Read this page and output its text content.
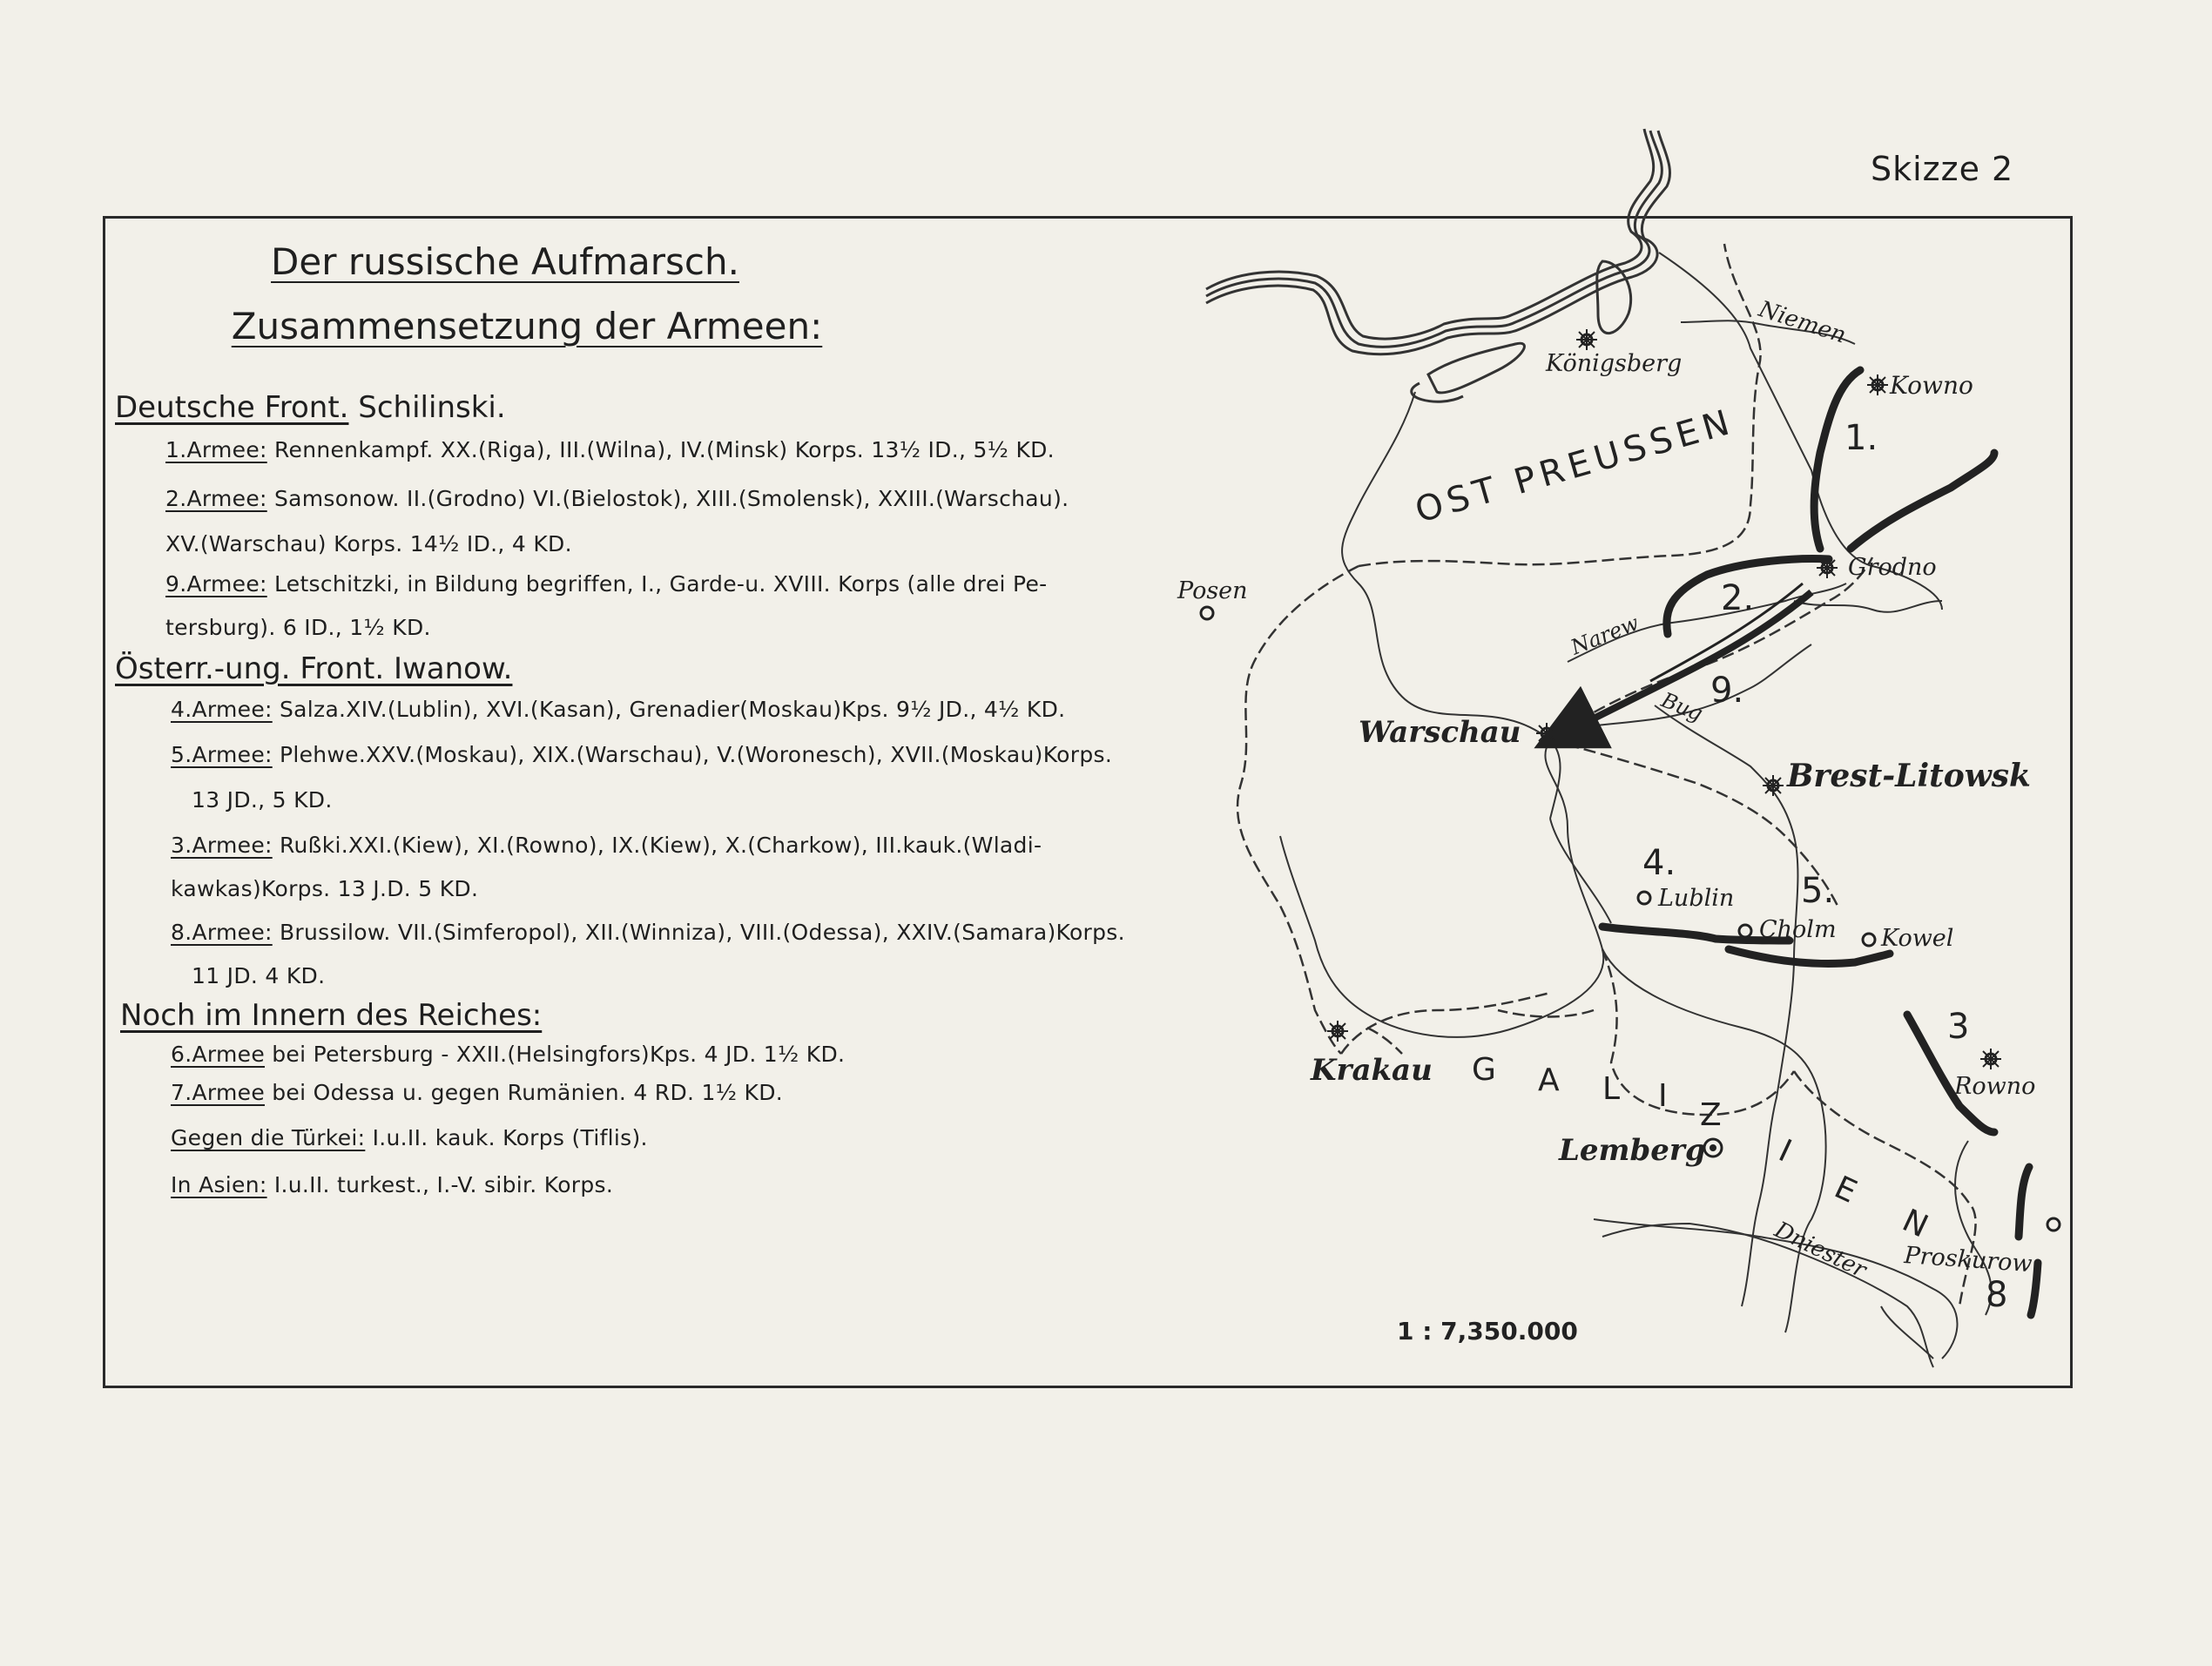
Skizze 2
Der russische Aufmarsch.
Zusammensetzung der Armeen:
Deutsche Front. Schilinski.
1.Armee: Rennenkampf. XX.(Riga), III.(Wilna), IV.(Minsk) Korps. 13½ ID., 5½ KD.
2.Armee: Samsonow. II.(Grodno) VI.(Bielostok), XIII.(Smolensk), XXIII.(Warschau).
XV.(Warschau) Korps. 14½ ID., 4 KD.
9.Armee: Letschitzki, in Bildung begriffen, I., Garde-u. XVIII. Korps (alle drei Pe-
tersburg). 6 ID., 1½ KD.
Österr.-ung. Front. Iwanow.
4.Armee: Salza.XIV.(Lublin), XVI.(Kasan), Grenadier(Moskau)Kps. 9½ JD., 4½ KD.
5.Armee: Plehwe.XXV.(Moskau), XIX.(Warschau), V.(Woronesch), XVII.(Moskau)Korps.
13 JD., 5 KD.
3.Armee: Rußki.XXI.(Kiew), XI.(Rowno), IX.(Kiew), X.(Charkow), III.kauk.(Wladi-
kawkas)Korps. 13 J.D. 5 KD.
8.Armee: Brussilow. VII.(Simferopol), XII.(Winniza), VIII.(Odessa), XXIV.(Samara)Korps.
11 JD. 4 KD.
Noch im Innern des Reiches:
6.Armee bei Petersburg - XXII.(Helsingfors)Kps. 4 JD. 1½ KD.
7.Armee bei Odessa u. gegen Rumänien. 4 RD. 1½ KD.
Gegen die Türkei: I.u.II. kauk. Korps (Tiflis).
In Asien: I.u.II. turkest., I.-V. sibir. Korps.
OST PREUSSEN
Königsberg
Kowno
Grodno
Posen
Warschau
Brest-Litowsk
Lublin
Cholm Kowel
Rowno
Krakau
Lemberg
Proskurow
Niemen
Narew
Bug
Dniester
G A L I
Z
I
E
N
1.
2.
9.
4.
5.
3
8
1 : 7,350.000
